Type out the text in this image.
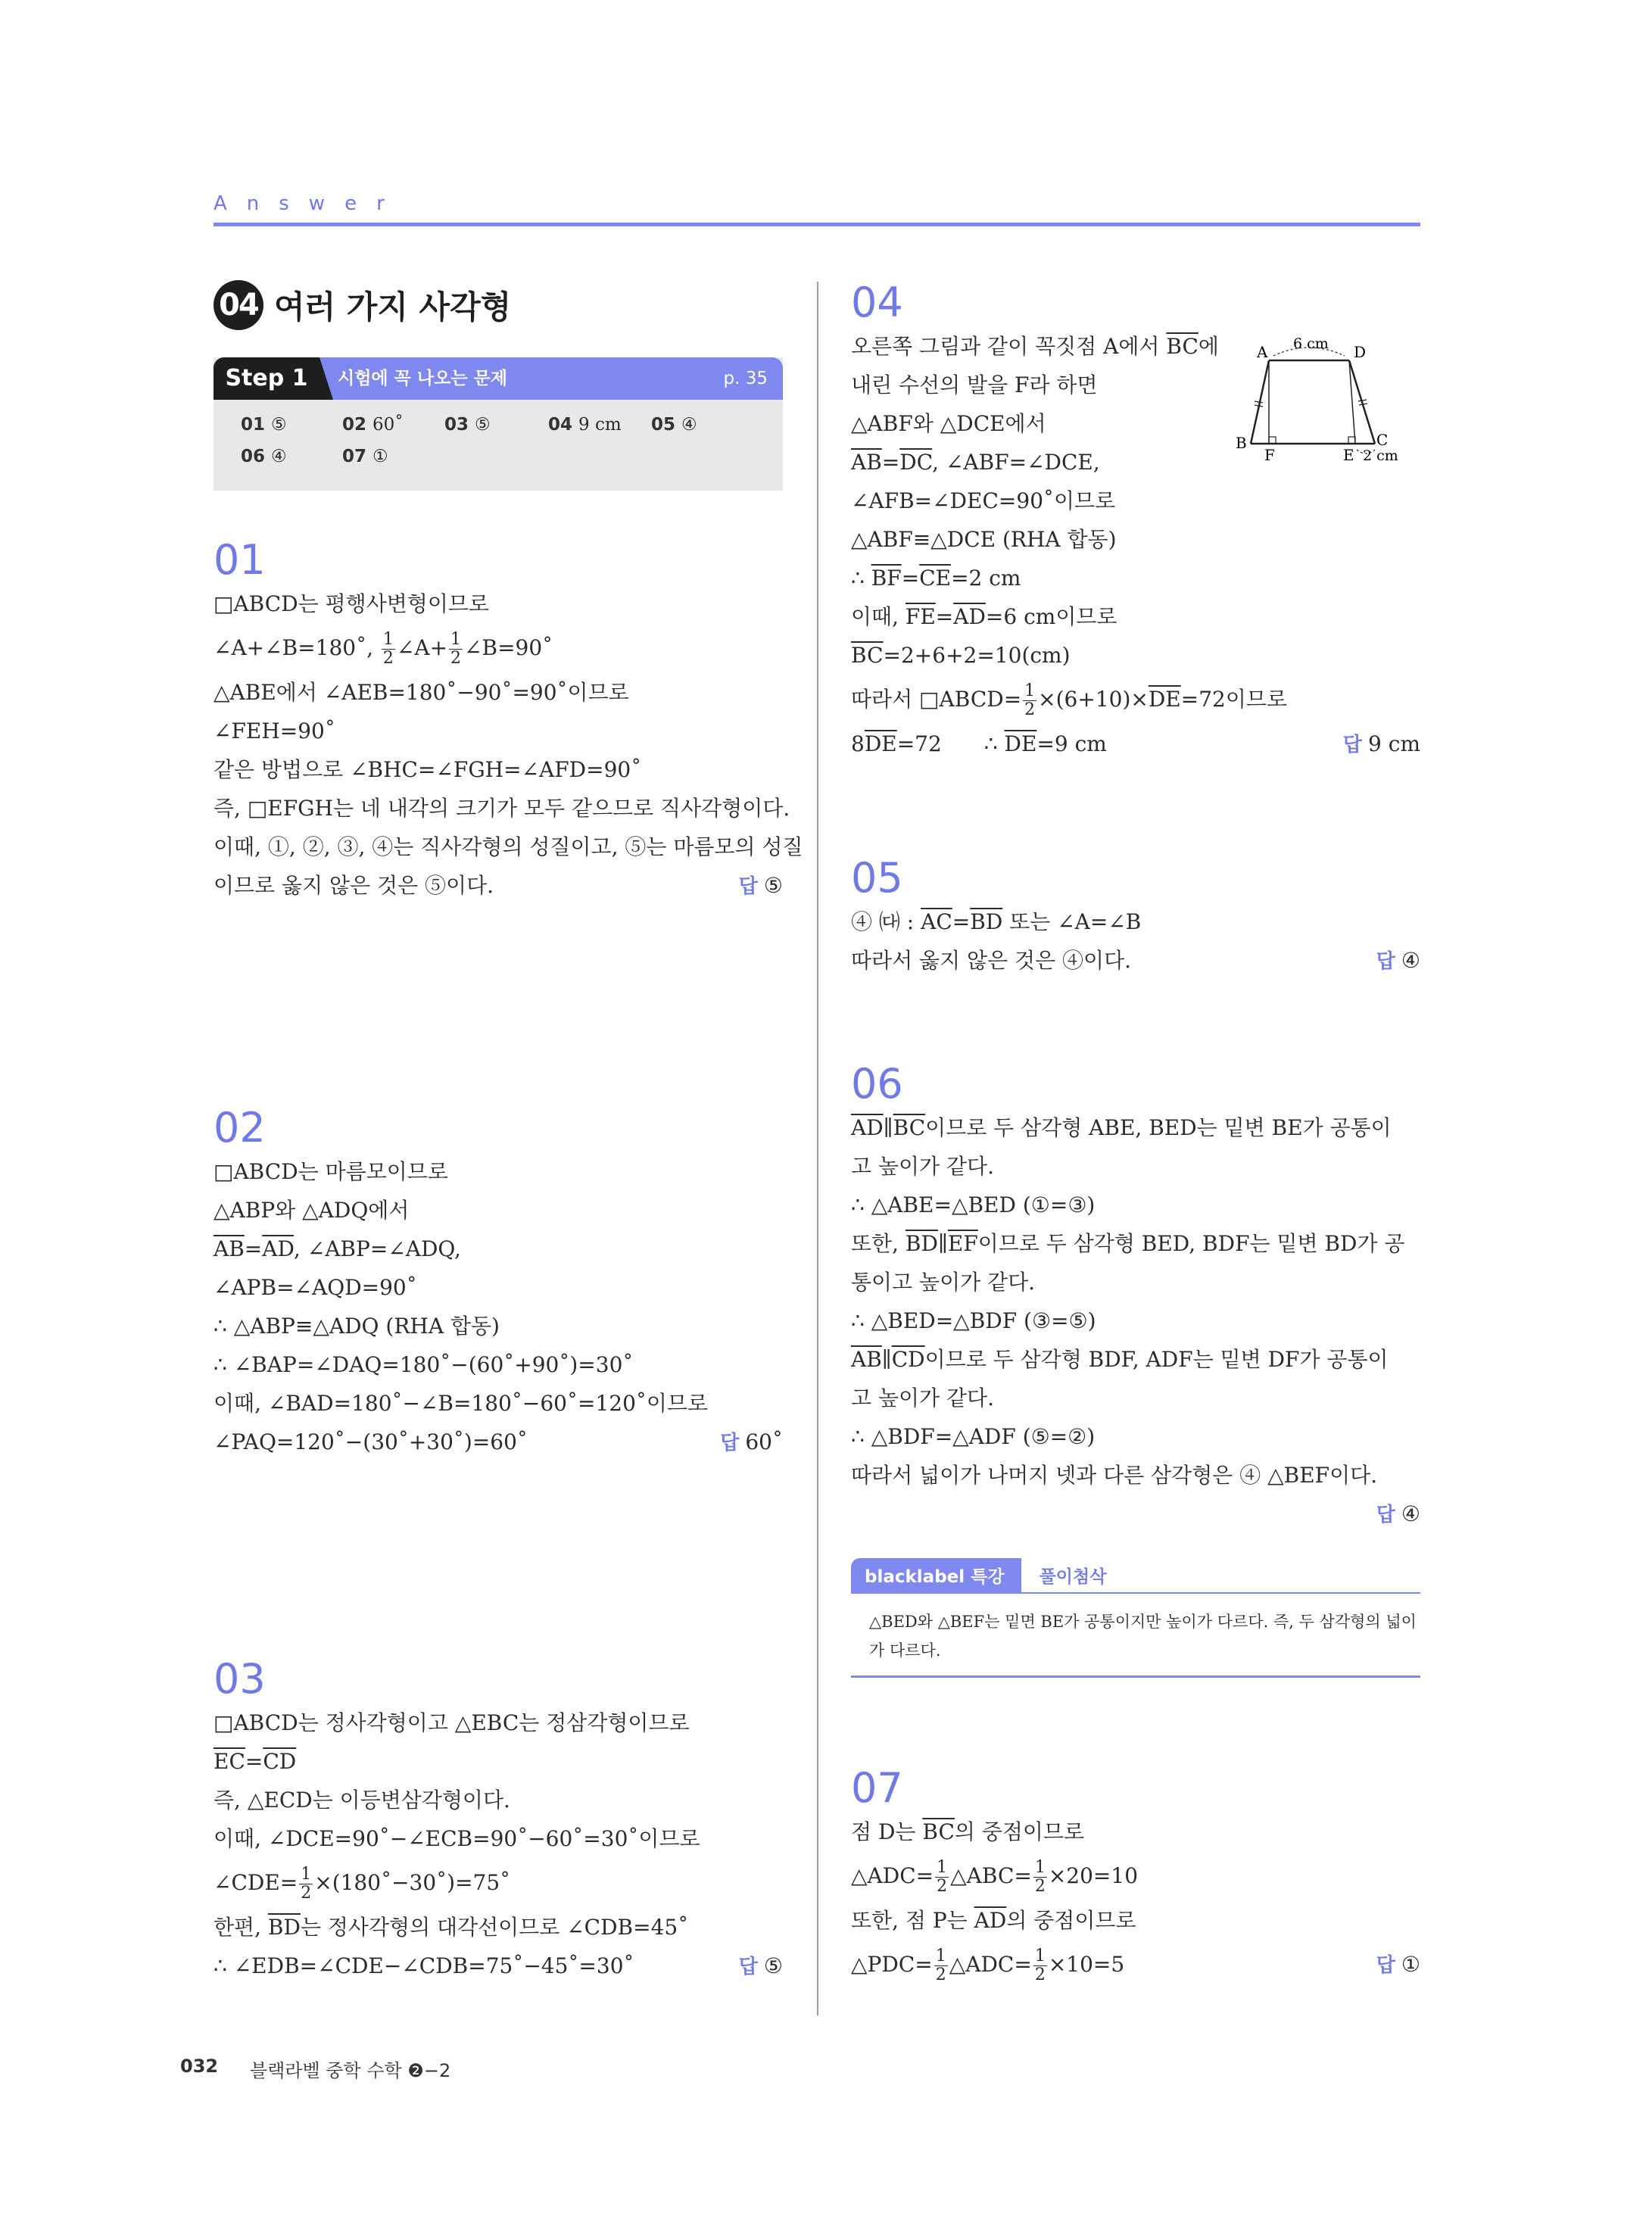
Answer
04 여러 가지 사각형
Step 1	시험에 꼭 나오는 문제	p. 35
01 ⑤	02 60˚ 03 ⑤	04 9 cm 05 ④
06 ④	07 ①
01
□ABCD는 평행사변형이므로
∠A+∠B=180˚, $\frac{1}{2}$ ∠A+ $\frac{1}{2}$ ∠B=90˚
△ABE에서 ∠AEB=180˚−90˚=90˚이므로
∠FEH=90˚
같은 방법으로 ∠BHC=∠FGH=∠AFD=90˚
즉, □EFGH는 네 내각의 크기가 모두 같으므로 직사각형이다.
이때, ①, ②, ③, ④는 직사각형의 성질이고, ⑤는 마름모의 성질
이므로 옳지 않은 것은 ⑤이다.	답 ⑤
02
□ABCD는 마름모이므로
△ABP와 △ADQ에서
$\overline{AB}=\overline{AD}$, ∠ABP=∠ADQ,
∠APB=∠AQD=90˚
∴ △ABP≡△ADQ (RHA 합동)
∴ ∠BAP=∠DAQ=180˚−(60˚+90˚)=30˚
이때, ∠BAD=180˚−∠B=180˚−60˚=120˚이므로
∠PAQ=120˚−(30˚+30˚)=60˚	답 60˚
03
□ABCD는 정사각형이고 △EBC는 정삼각형이므로
$\overline{EC}=\overline{CD}$
즉, △ECD는 이등변삼각형이다.
이때, ∠DCE=90˚−∠ECB=90˚−60˚=30˚이므로
∠CDE= $\frac{1}{2}$ ×(180˚−30˚)=75˚
한편, $\overline{BD}$는 정사각형의 대각선이므로 ∠CDB=45˚
∴ ∠EDB=∠CDE−∠CDB=75˚−45˚=30˚	답 ⑤
04
오른쪽 그림과 같이 꼭짓점 A에서 $\overline{BC}$에
내린 수선의 발을 F라 하면
△ABF와 △DCE에서
$\overline{AB}=\overline{DC}$, ∠ABF=∠DCE,
∠AFB=∠DEC=90˚이므로
△ABF≡△DCE (RHA 합동)
∴ $\overline{BF}=\overline{CE}=2$ cm
이때, $\overline{FE}=\overline{AD}=6$ cm이므로
$\overline{BC}=2+6+2=10(cm)$
따라서 □ABCD= $\frac{1}{2} \times(6+10)\times\overline{DE}=72$이므로
$8\overline{DE}=72$ ∴ $\overline{DE}=9$ cm	답 9 cm
A	D
B	C
F	E
6 cm
2 cm
05
④ ㈐ : $\overline{AC}=\overline{BD}$ 또는 ∠A=∠B
따라서 옳지 않은 것은 ④이다.	답 ④
06
$\overline{AD}\parallel\overline{BC}$이므로 두 삼각형 ABE, BED는 밑변 BE가 공통이
고 높이가 같다.
∴ △ABE=△BED (①=③)
또한, $\overline{BD}\parallel\overline{EF}$이므로 두 삼각형 BED, BDF는 밑변 BD가 공
통이고 높이가 같다.
∴ △BED=△BDF (③=⑤)
$\overline{AB}\parallel\overline{CD}$이므로 두 삼각형 BDF, ADF는 밑변 DF가 공통이
고 높이가 같다.
∴ △BDF=△ADF (⑤=②)
따라서 넓이가 나머지 넷과 다른 삼각형은 ④ △BEF이다.
답 ④
blacklabel 특강 풀이첨삭
△BED와 △BEF는 밑면 BE가 공통이지만 높이가 다르다. 즉, 두 삼각형의 넓이
가 다르다.
07
점 D는 $\overline{BC}$의 중점이므로
△ADC= $\frac{1}{2}$ △ABC= $\frac{1}{2} \times 20=10$
또한, 점 P는 $\overline{AD}$의 중점이므로
△PDC= $\frac{1}{2}$ △ADC= $\frac{1}{2} \times 10=5$	답 ①
032 블랙라벨 중학 수학 ❷−2
